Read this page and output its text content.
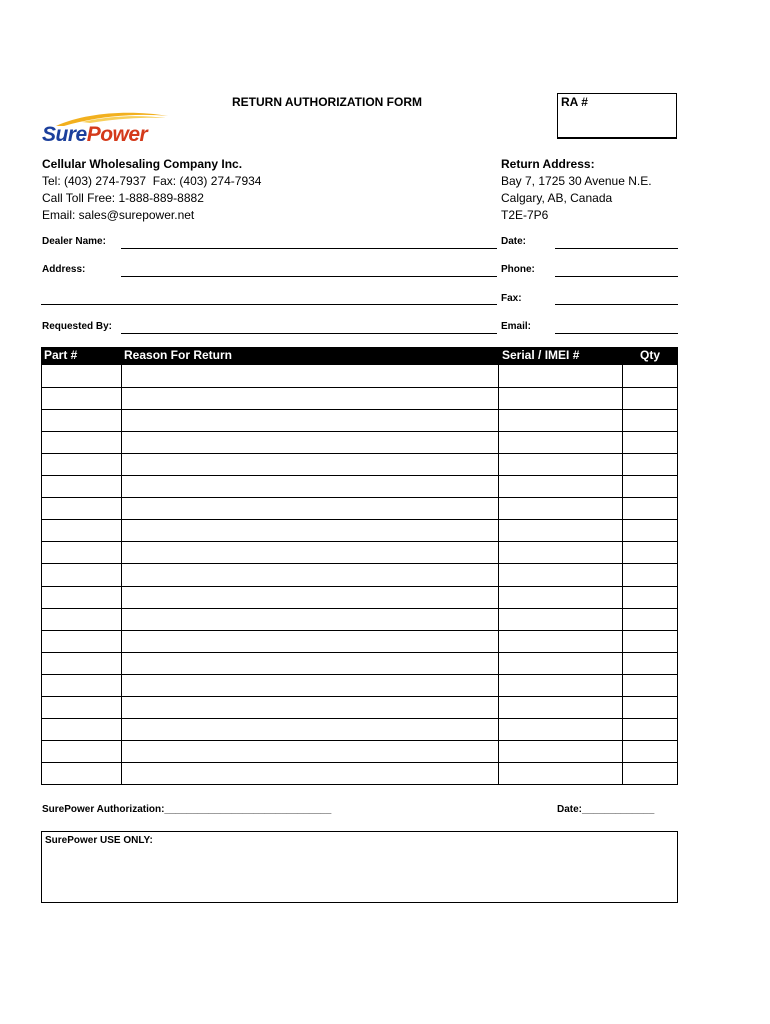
RETURN AUTHORIZATION FORM	RA #
SurePower
Cellular Wholesaling Company Inc.
Tel: (403) 274-7937  Fax: (403) 274-7934
Call Toll Free: 1-888-889-8882
Email: sales@surepower.net
Return Address:
Bay 7, 1725 30 Avenue N.E.
Calgary, AB, Canada
T2E-7P6
Dealer Name:
Address:
Requested By:
Date:
Phone:
Fax:
Email:
Part #	Reason For Return	Serial / IMEI #	Qty
SurePower Authorization:______________________________	Date:_____________
SurePower USE ONLY:
